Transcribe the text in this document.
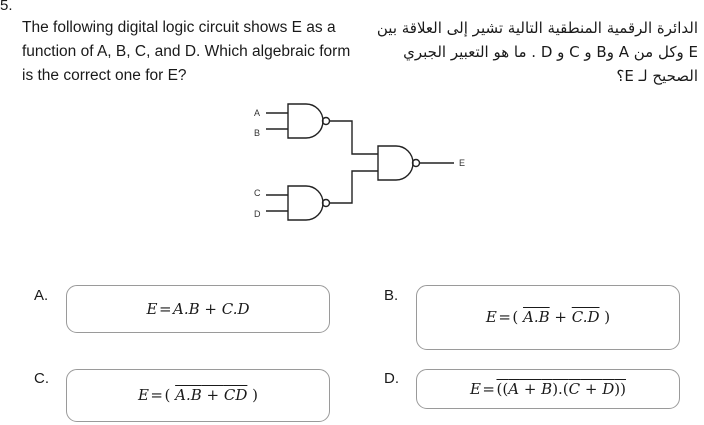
5.
The following digital logic circuit shows E as a function of A, B, C, and D. Which algebraic form is the correct one for E?
الدائرة الرقمية المنطقية التالية تشير إلى العلاقة بين E وكل من A وB و C و D . ما هو التعبير الجبري الصحيح لـ E؟
A
B
C
D
E
A.
E = A.B + C.D
B.
E = ( A.B + C.D )
C.
E = ( A.B + CD )
D.
E = ((A + B).(C + D))
